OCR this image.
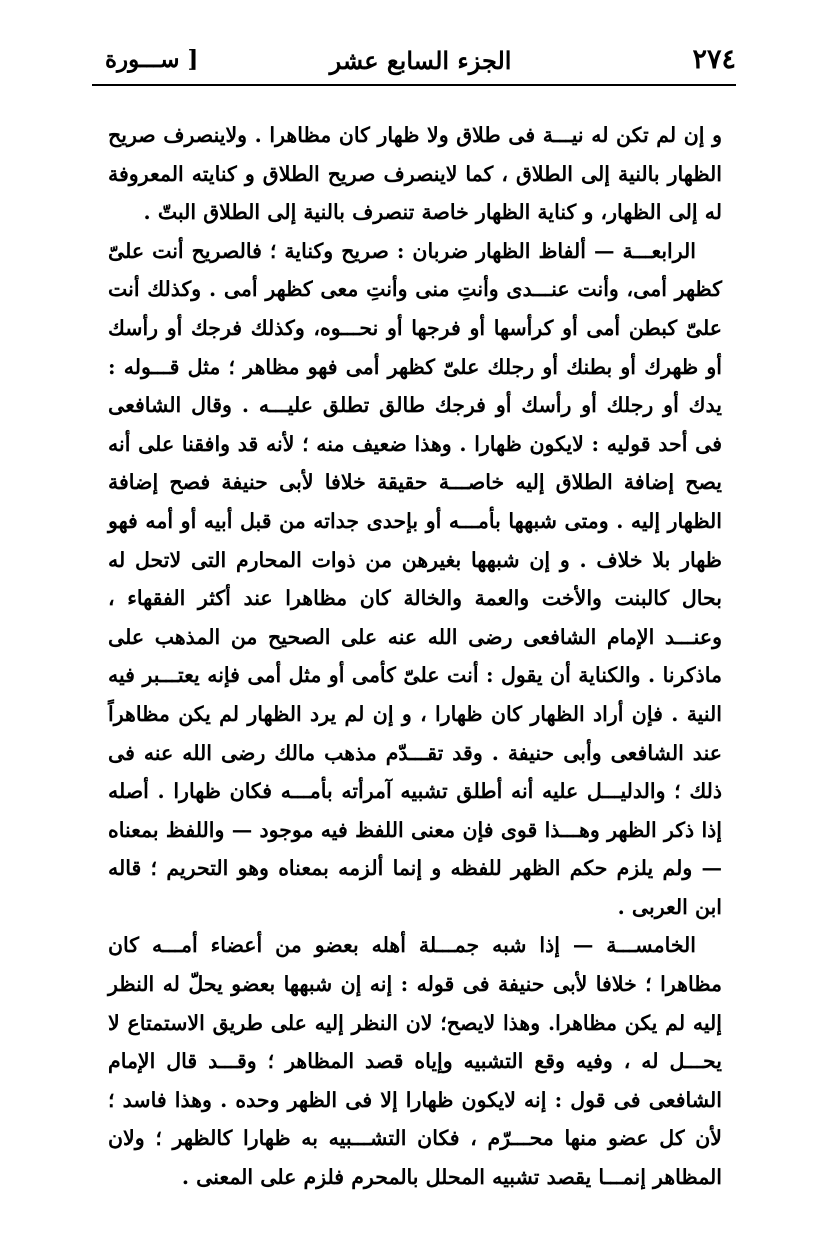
٢٧٤
الجزء السابع عشر
[ ســـورة

و إن لم تكن له نيـــة فى طلاق ولا ظهار كان مظاهرا . ولاينصرف صريح الظهار بالنية إلى الطلاق ، كما لاينصرف صريح الطلاق و كنايته المعروفة له إلى الظهار، و كناية الظهار خاصة تنصرف بالنية إلى الطلاق البتّ .

الرابعـــة — ألفاظ الظهار ضربان : صريح وكناية ؛ فالصريح أنت علىّ كظهر أمى، وأنت عنـــدى وأنتِ منى وأنتِ معى كظهر أمى . وكذلك أنت علىّ كبطن أمى أو كرأسها أو فرجها أو نحـــوه، وكذلك فرجك أو رأسك أو ظهرك أو بطنك أو رجلك علىّ كظهر أمى فهو مظاهر ؛ مثل قـــوله : يدك أو رجلك أو رأسك أو فرجك طالق تطلق عليـــه . وقال الشافعى فى أحد قوليه : لايكون ظهارا . وهذا ضعيف منه ؛ لأنه قد وافقنا على أنه يصح إضافة الطلاق إليه خاصـــة حقيقة خلافا لأبى حنيفة فصح إضافة الظهار إليه . ومتى شبهها بأمـــه أو بإحدى جداته من قبل أبيه أو أمه فهو ظهار بلا خلاف . و إن شبهها بغيرهن من ذوات المحارم التى لاتحل له بحال كالبنت والأخت والعمة والخالة كان مظاهرا عند أكثر الفقهاء ، وعنـــد الإمام الشافعى رضى الله عنه على الصحيح من المذهب على ماذكرنا . والكناية أن يقول : أنت علىّ كأمى أو مثل أمى فإنه يعتـــبر فيه النية . فإن أراد الظهار كان ظهارا ، و إن لم يرد الظهار لم يكن مظاهراً عند الشافعى وأبى حنيفة . وقد تقـــدّم مذهب مالك رضى الله عنه فى ذلك ؛ والدليـــل عليه أنه أطلق تشبيه آمرأته بأمـــه فكان ظهارا . أصله إذا ذكر الظهر وهـــذا قوى فإن معنى اللفظ فيه موجود — واللفظ بمعناه — ولم يلزم حكم الظهر للفظه و إنما ألزمه بمعناه وهو التحريم ؛ قاله ابن العربى .

الخامســـة — إذا شبه جمـــلة أهله بعضو من أعضاء أمـــه كان مظاهرا ؛ خلافا لأبى حنيفة فى قوله : إنه إن شبهها بعضو يحلّ له النظر إليه لم يكن مظاهرا. وهذا لايصح؛ لان النظر إليه على طريق الاستمتاع لا يحـــل له ، وفيه وقع التشبيه وإياه قصد المظاهر ؛ وقـــد قال الإمام الشافعى فى قول : إنه لايكون ظهارا إلا فى الظهر وحده . وهذا فاسد ؛ لأن كل عضو منها محـــرّم ، فكان التشـــبيه به ظهارا كالظهر ؛ ولان المظاهر إنمـــا يقصد تشبيه المحلل بالمحرم فلزم على المعنى .
